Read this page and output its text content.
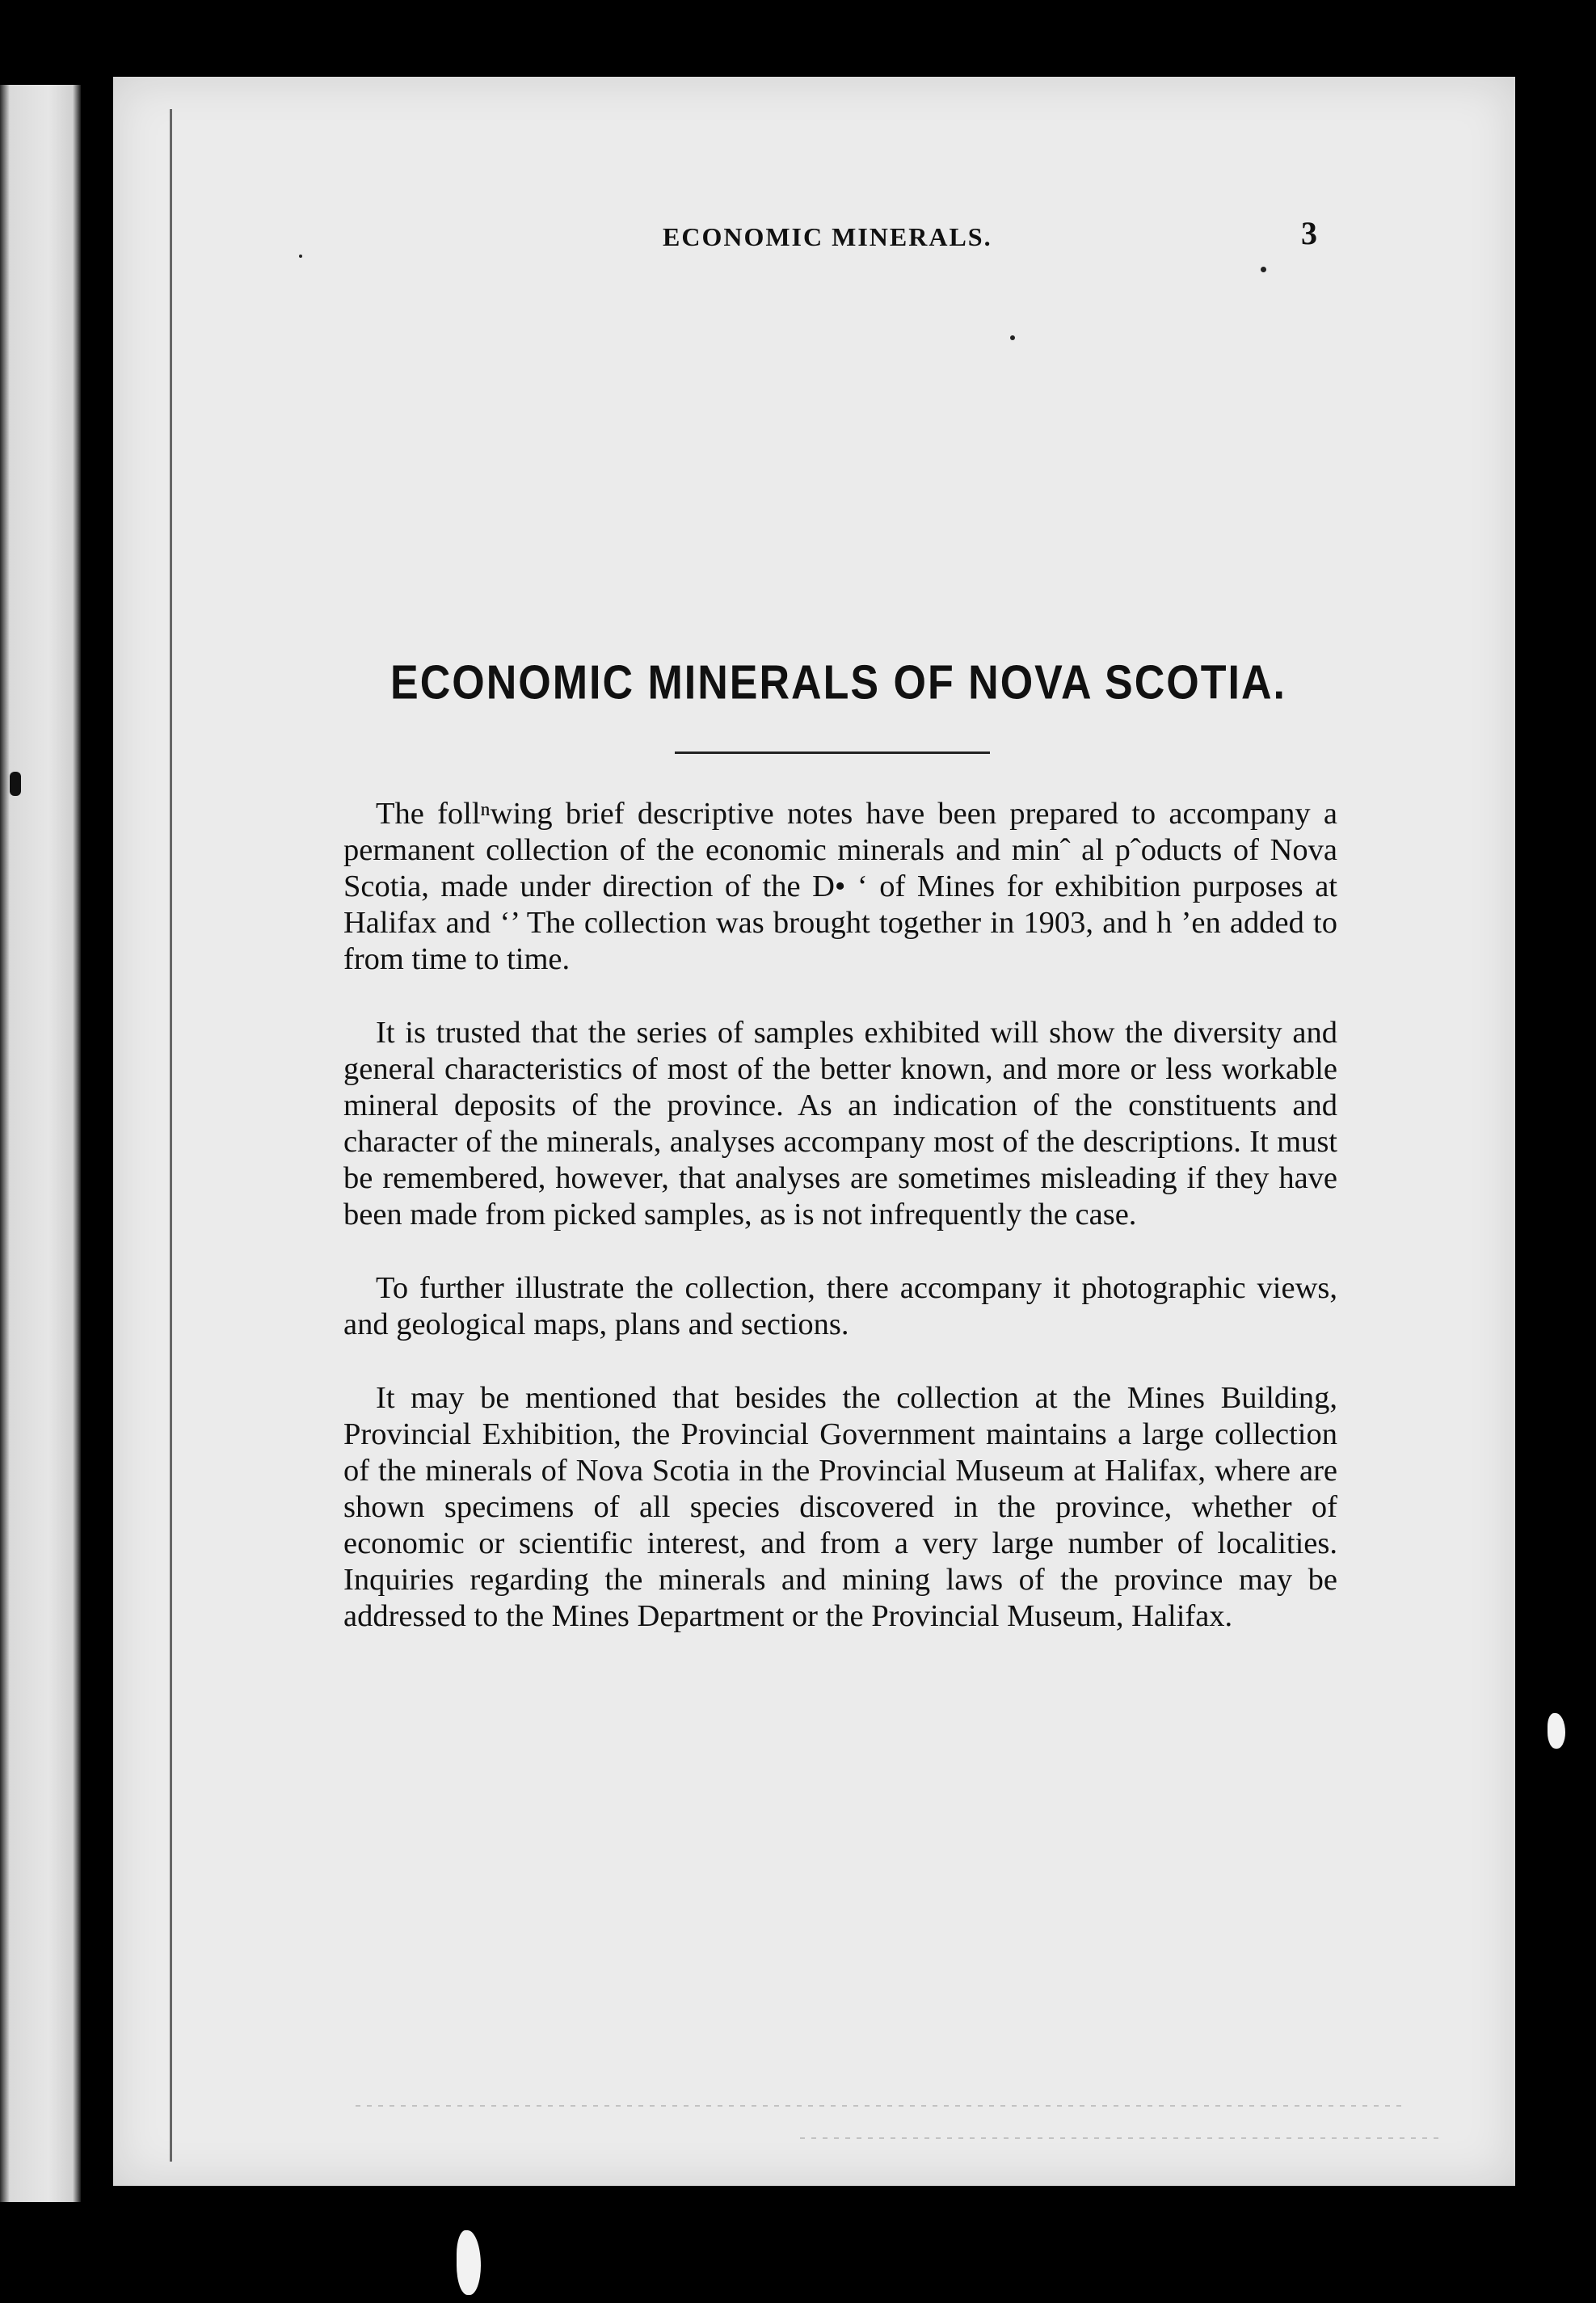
ECONOMIC MINERALS.	3
ECONOMIC MINERALS OF NOVA SCOTIA.

The follⁿwing brief descriptive notes have been prepared to accompany a permanent collection of the economic minerals and minˆ al pˆoducts of Nova Scotia, made under direction of the D• ‘ of Mines for exhibition purposes at Halifax and ‘’ The collection was brought together in 1903, and h ’en added to from time to time.

It is trusted that the series of samples exhibited will show the diversity and general characteristics of most of the better known, and more or less workable mineral deposits of the province. As an indication of the constituents and character of the minerals, analyses accompany most of the descriptions. It must be remembered, however, that analyses are sometimes misleading if they have been made from picked samples, as is not infrequently the case.

To further illustrate the collection, there accompany it photographic views, and geological maps, plans and sections.

It may be mentioned that besides the collection at the Mines Building, Provincial Exhibition, the Provincial Government maintains a large collection of the minerals of Nova Scotia in the Provincial Museum at Halifax, where are shown specimens of all species discovered in the province, whether of economic or scientific interest, and from a very large number of localities. Inquiries regarding the minerals and mining laws of the province may be addressed to the Mines Department or the Provincial Museum, Halifax.
